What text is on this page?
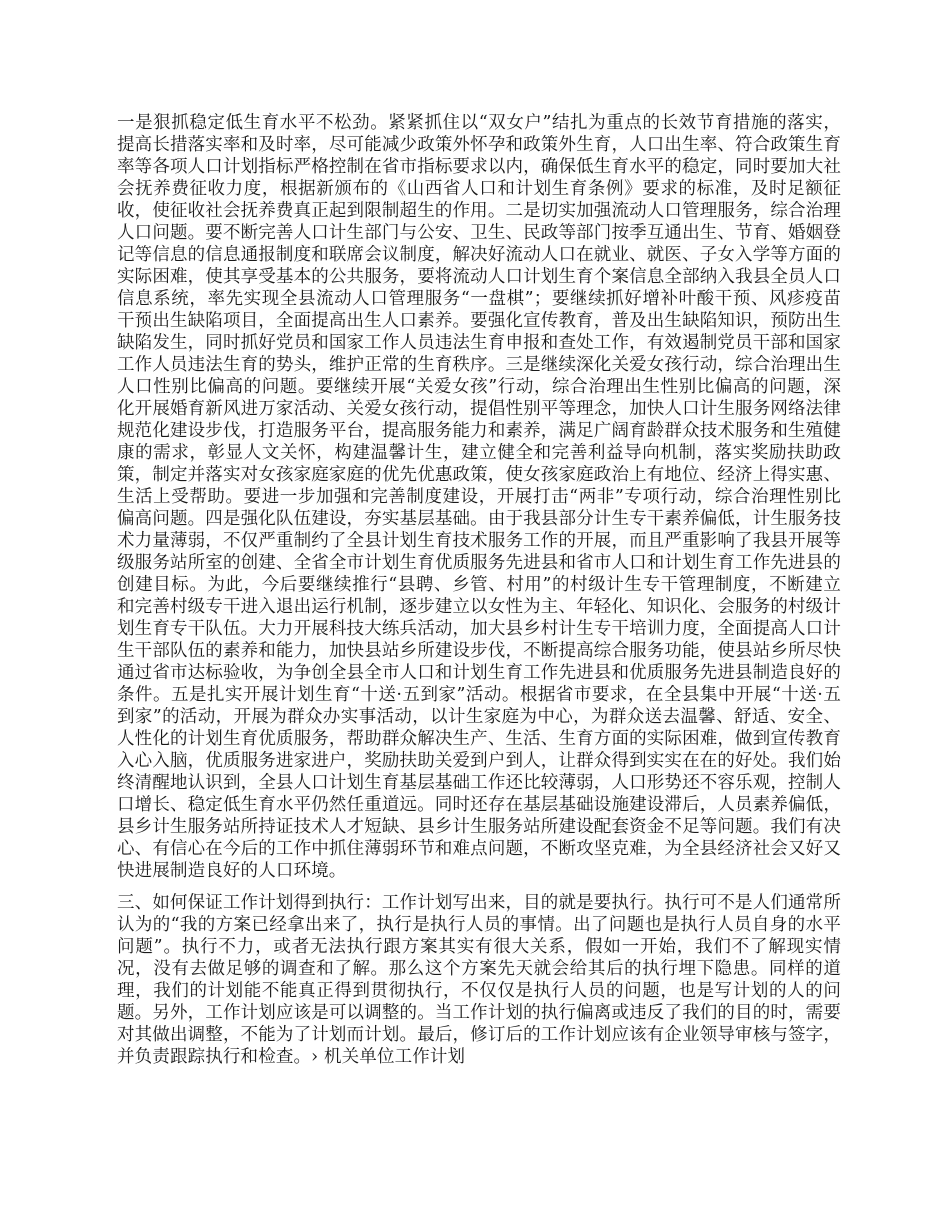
一是狠抓稳定低生育水平不松劲。紧紧抓住以“双女户”结扎为重点的长效节育措施的落实，提高长措落实率和及时率，尽可能减少政策外怀孕和政策外生育，人口出生率、符合政策生育率等各项人口计划指标严格控制在省市指标要求以内，确保低生育水平的稳定，同时要加大社会抚养费征收力度，根据新颁布的《山西省人口和计划生育条例》要求的标准，及时足额征收，使征收社会抚养费真正起到限制超生的作用。二是切实加强流动人口管理服务，综合治理人口问题。要不断完善人口计生部门与公安、卫生、民政等部门按季互通出生、节育、婚姻登记等信息的信息通报制度和联席会议制度，解决好流动人口在就业、就医、子女入学等方面的实际困难，使其享受基本的公共服务，要将流动人口计划生育个案信息全部纳入我县全员人口信息系统，率先实现全县流动人口管理服务“一盘棋”；要继续抓好增补叶酸干预、风疹疫苗干预出生缺陷项目，全面提高出生人口素养。要强化宣传教育，普及出生缺陷知识，预防出生缺陷发生，同时抓好党员和国家工作人员违法生育申报和查处工作，有效遏制党员干部和国家工作人员违法生育的势头，维护正常的生育秩序。三是继续深化关爱女孩行动，综合治理出生人口性别比偏高的问题。要继续开展“关爱女孩”行动，综合治理出生性别比偏高的问题，深化开展婚育新风进万家活动、关爱女孩行动，提倡性别平等理念，加快人口计生服务网络法律规范化建设步伐，打造服务平台，提高服务能力和素养，满足广阔育龄群众技术服务和生殖健康的需求，彰显人文关怀，构建温馨计生，建立健全和完善利益导向机制，落实奖励扶助政策，制定并落实对女孩家庭家庭的优先优惠政策，使女孩家庭政治上有地位、经济上得实惠、生活上受帮助。要进一步加强和完善制度建设，开展打击“两非”专项行动，综合治理性别比偏高问题。四是强化队伍建设，夯实基层基础。由于我县部分计生专干素养偏低，计生服务技术力量薄弱，不仅严重制约了全县计划生育技术服务工作的开展，而且严重影响了我县开展等级服务站所室的创建、全省全市计划生育优质服务先进县和省市人口和计划生育工作先进县的创建目标。为此，今后要继续推行“县聘、乡管、村用”的村级计生专干管理制度，不断建立和完善村级专干进入退出运行机制，逐步建立以女性为主、年轻化、知识化、会服务的村级计划生育专干队伍。大力开展科技大练兵活动，加大县乡村计生专干培训力度，全面提高人口计生干部队伍的素养和能力，加快县站乡所建设步伐，不断提高综合服务功能，使县站乡所尽快通过省市达标验收，为争创全县全市人口和计划生育工作先进县和优质服务先进县制造良好的条件。五是扎实开展计划生育“十送·五到家”活动。根据省市要求，在全县集中开展“十送·五到家”的活动，开展为群众办实事活动，以计生家庭为中心，为群众送去温馨、舒适、安全、人性化的计划生育优质服务，帮助群众解决生产、生活、生育方面的实际困难，做到宣传教育入心入脑，优质服务进家进户，奖励扶助关爱到户到人，让群众得到实实在在的好处。我们始终清醒地认识到，全县人口计划生育基层基础工作还比较薄弱，人口形势还不容乐观，控制人口增长、稳定低生育水平仍然任重道远。同时还存在基层基础设施建设滞后，人员素养偏低，县乡计生服务站所持证技术人才短缺、县乡计生服务站所建设配套资金不足等问题。我们有决心、有信心在今后的工作中抓住薄弱环节和难点问题，不断攻坚克难，为全县经济社会又好又快进展制造良好的人口环境。

三、如何保证工作计划得到执行：工作计划写出来，目的就是要执行。执行可不是人们通常所认为的“我的方案已经拿出来了，执行是执行人员的事情。出了问题也是执行人员自身的水平问题”。执行不力，或者无法执行跟方案其实有很大关系，假如一开始，我们不了解现实情况，没有去做足够的调查和了解。那么这个方案先天就会给其后的执行埋下隐患。同样的道理，我们的计划能不能真正得到贯彻执行，不仅仅是执行人员的问题，也是写计划的人的问题。另外，工作计划应该是可以调整的。当工作计划的执行偏离或违反了我们的目的时，需要对其做出调整，不能为了计划而计划。最后，修订后的工作计划应该有企业领导审核与签字，并负责跟踪执行和检查。› 机关单位工作计划
